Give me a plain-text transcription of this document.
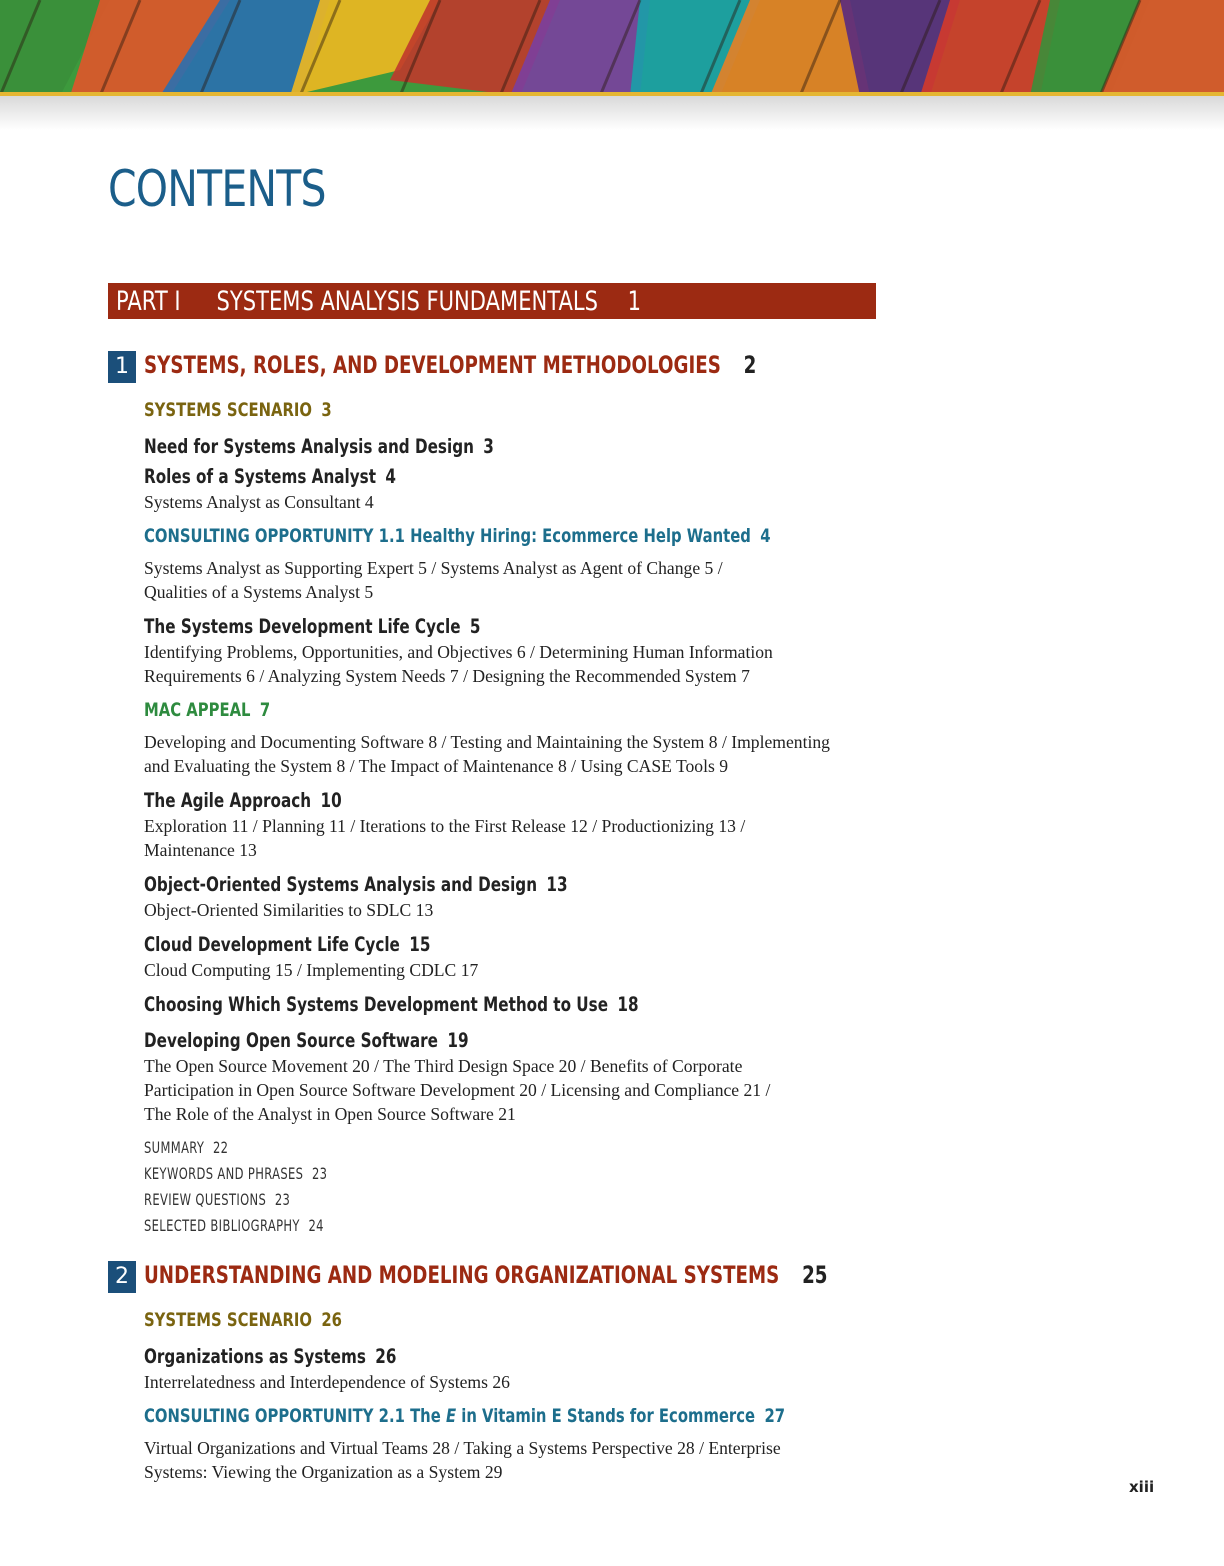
CONTENTS
PART I SYSTEMS ANALYSIS FUNDAMENTALS 1
1 SYSTEMS, ROLES, AND DEVELOPMENT METHODOLOGIES 2
SYSTEMS SCENARIO 3
Need for Systems Analysis and Design 3
Roles of a Systems Analyst 4
Systems Analyst as Consultant 4
CONSULTING OPPORTUNITY 1.1 Healthy Hiring: Ecommerce Help Wanted 4
Systems Analyst as Supporting Expert 5 / Systems Analyst as Agent of Change 5 /
Qualities of a Systems Analyst 5
The Systems Development Life Cycle 5
Identifying Problems, Opportunities, and Objectives 6 / Determining Human Information
Requirements 6 / Analyzing System Needs 7 / Designing the Recommended System 7
MAC APPEAL 7
Developing and Documenting Software 8 / Testing and Maintaining the System 8 / Implementing
and Evaluating the System 8 / The Impact of Maintenance 8 / Using CASE Tools 9
The Agile Approach 10
Exploration 11 / Planning 11 / Iterations to the First Release 12 / Productionizing 13 /
Maintenance 13
Object-Oriented Systems Analysis and Design 13
Object-Oriented Similarities to SDLC 13
Cloud Development Life Cycle 15
Cloud Computing 15 / Implementing CDLC 17
Choosing Which Systems Development Method to Use 18
Developing Open Source Software 19
The Open Source Movement 20 / The Third Design Space 20 / Benefits of Corporate
Participation in Open Source Software Development 20 / Licensing and Compliance 21 /
The Role of the Analyst in Open Source Software 21
SUMMARY 22
KEYWORDS AND PHRASES 23
REVIEW QUESTIONS 23
SELECTED BIBLIOGRAPHY 24
2 UNDERSTANDING AND MODELING ORGANIZATIONAL SYSTEMS 25
SYSTEMS SCENARIO 26
Organizations as Systems 26
Interrelatedness and Interdependence of Systems 26
CONSULTING OPPORTUNITY 2.1 The E in Vitamin E Stands for Ecommerce 27
Virtual Organizations and Virtual Teams 28 / Taking a Systems Perspective 28 / Enterprise
Systems: Viewing the Organization as a System 29
xiii
